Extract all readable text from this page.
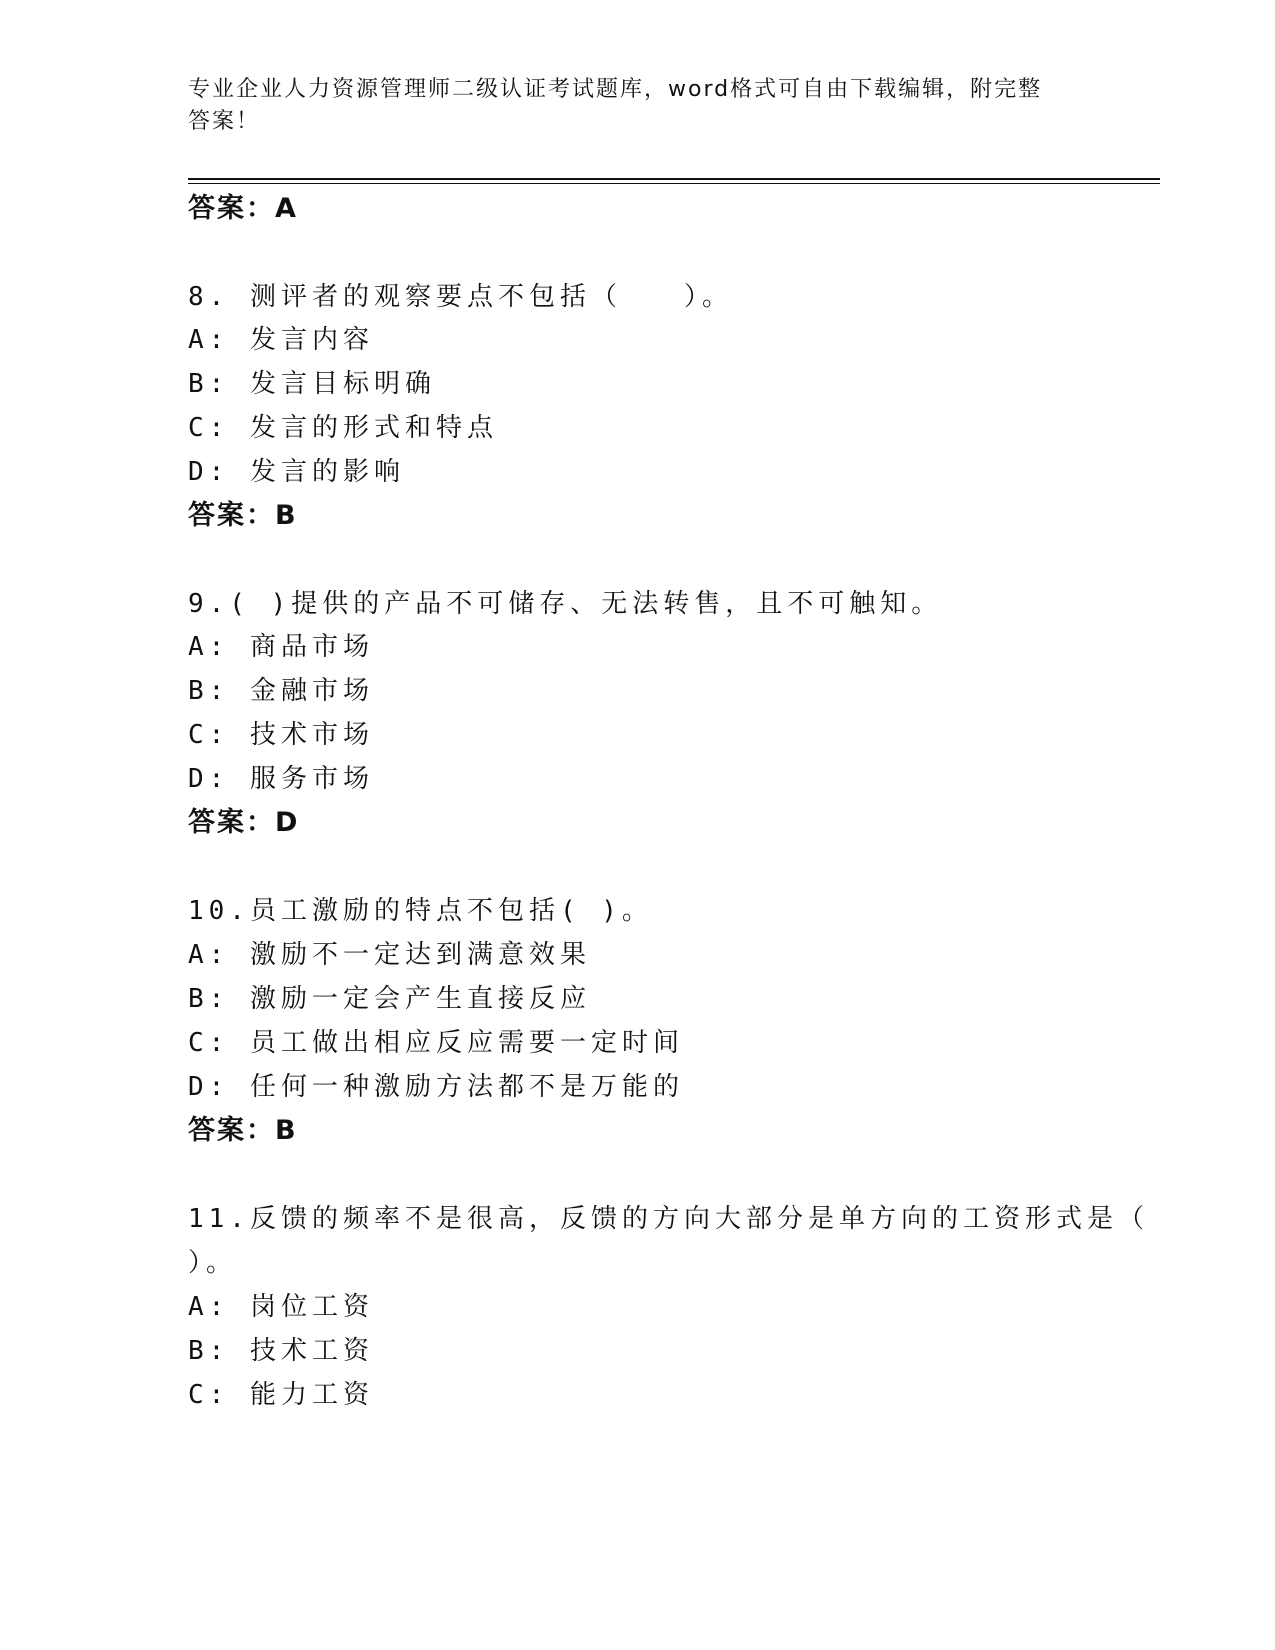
专业企业人力资源管理师二级认证考试题库，word格式可自由下载编辑，附完整
答案！
答案：A
8. 测评者的观察要点不包括（　　）。
A: 发言内容
B: 发言目标明确
C: 发言的形式和特点
D: 发言的影响
答案：B
9.( )提供的产品不可储存、无法转售，且不可触知。
A: 商品市场
B: 金融市场
C: 技术市场
D: 服务市场
答案：D
10.员工激励的特点不包括( )。
A: 激励不一定达到满意效果
B: 激励一定会产生直接反应
C: 员工做出相应反应需要一定时间
D: 任何一种激励方法都不是万能的
答案：B
11.反馈的频率不是很高，反馈的方向大部分是单方向的工资形式是（
）。
A: 岗位工资
B: 技术工资
C: 能力工资
